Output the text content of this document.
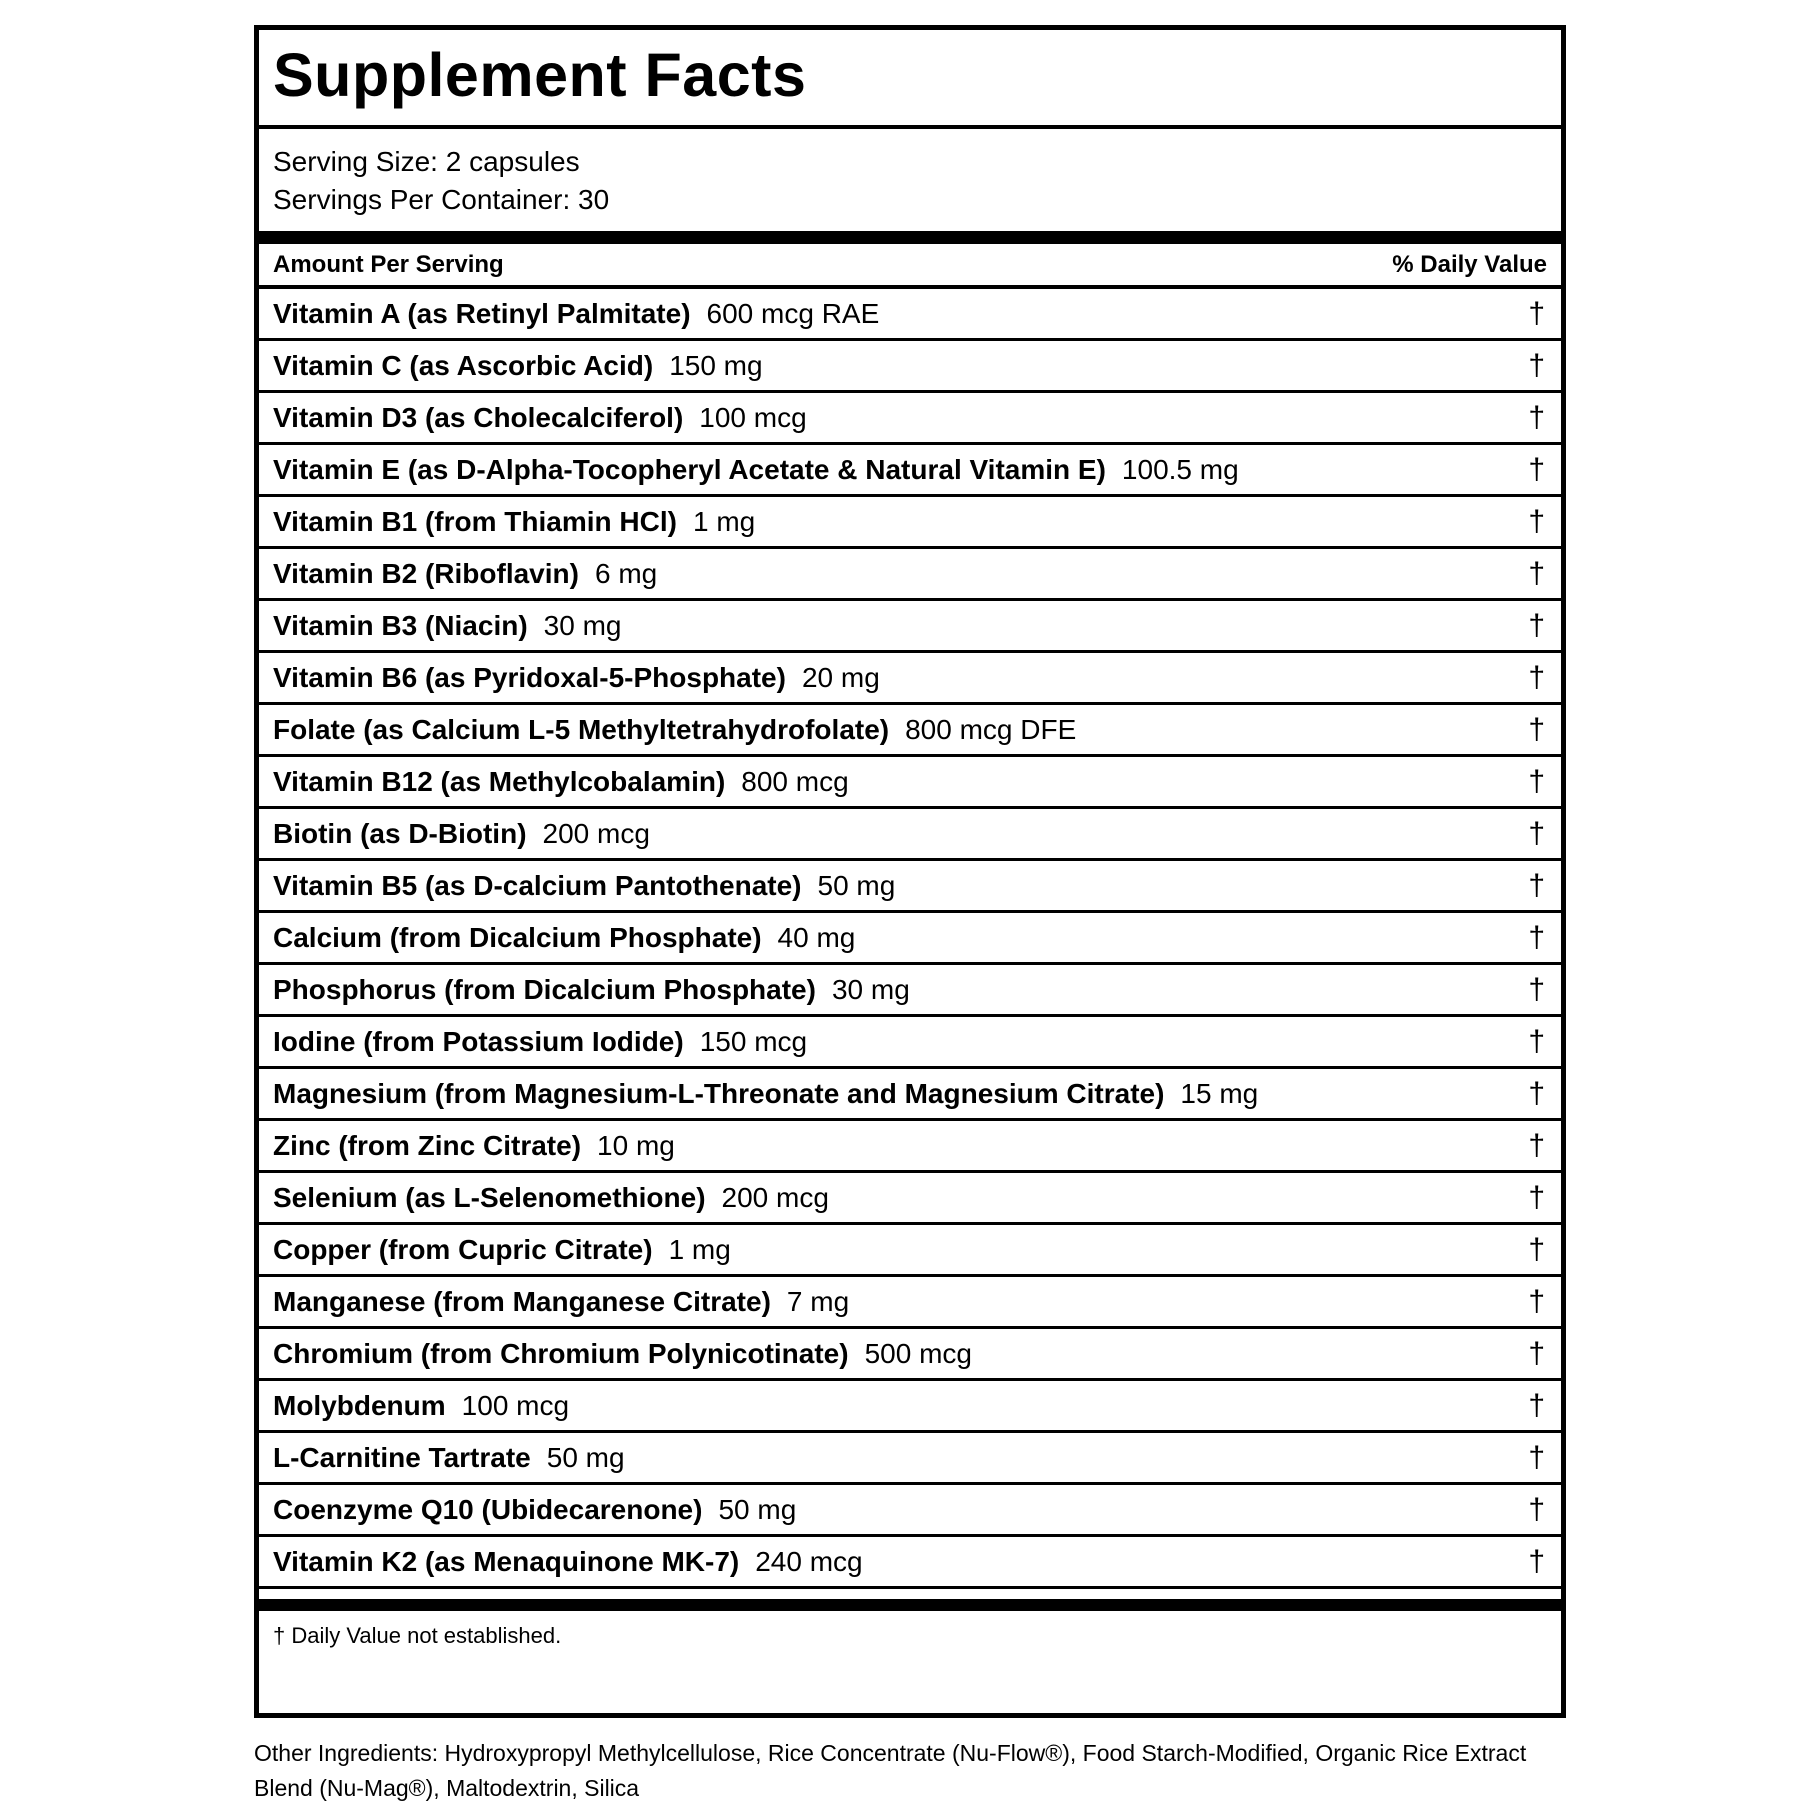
Supplement Facts
Serving Size: 2 capsules
Servings Per Container: 30
Amount Per Serving	% Daily Value
Vitamin A (as Retinyl Palmitate) 600 mcg RAE	†
Vitamin C (as Ascorbic Acid) 150 mg	†
Vitamin D3 (as Cholecalciferol) 100 mcg	†
Vitamin E (as D-Alpha-Tocopheryl Acetate & Natural Vitamin E) 100.5 mg	†
Vitamin B1 (from Thiamin HCl) 1 mg	†
Vitamin B2 (Riboflavin) 6 mg	†
Vitamin B3 (Niacin) 30 mg	†
Vitamin B6 (as Pyridoxal-5-Phosphate) 20 mg	†
Folate (as Calcium L-5 Methyltetrahydrofolate) 800 mcg DFE	†
Vitamin B12 (as Methylcobalamin) 800 mcg	†
Biotin (as D-Biotin) 200 mcg	†
Vitamin B5 (as D-calcium Pantothenate) 50 mg	†
Calcium (from Dicalcium Phosphate) 40 mg	†
Phosphorus (from Dicalcium Phosphate) 30 mg	†
Iodine (from Potassium Iodide) 150 mcg	†
Magnesium (from Magnesium-L-Threonate and Magnesium Citrate) 15 mg	†
Zinc (from Zinc Citrate) 10 mg	†
Selenium (as L-Selenomethione) 200 mcg	†
Copper (from Cupric Citrate) 1 mg	†
Manganese (from Manganese Citrate) 7 mg	†
Chromium (from Chromium Polynicotinate) 500 mcg	†
Molybdenum 100 mcg	†
L-Carnitine Tartrate 50 mg	†
Coenzyme Q10 (Ubidecarenone) 50 mg	†
Vitamin K2 (as Menaquinone MK-7) 240 mcg	†
† Daily Value not established.
Other Ingredients: Hydroxypropyl Methylcellulose, Rice Concentrate (Nu-Flow®), Food Starch-Modified, Organic Rice Extract Blend (Nu-Mag®), Maltodextrin, Silica
